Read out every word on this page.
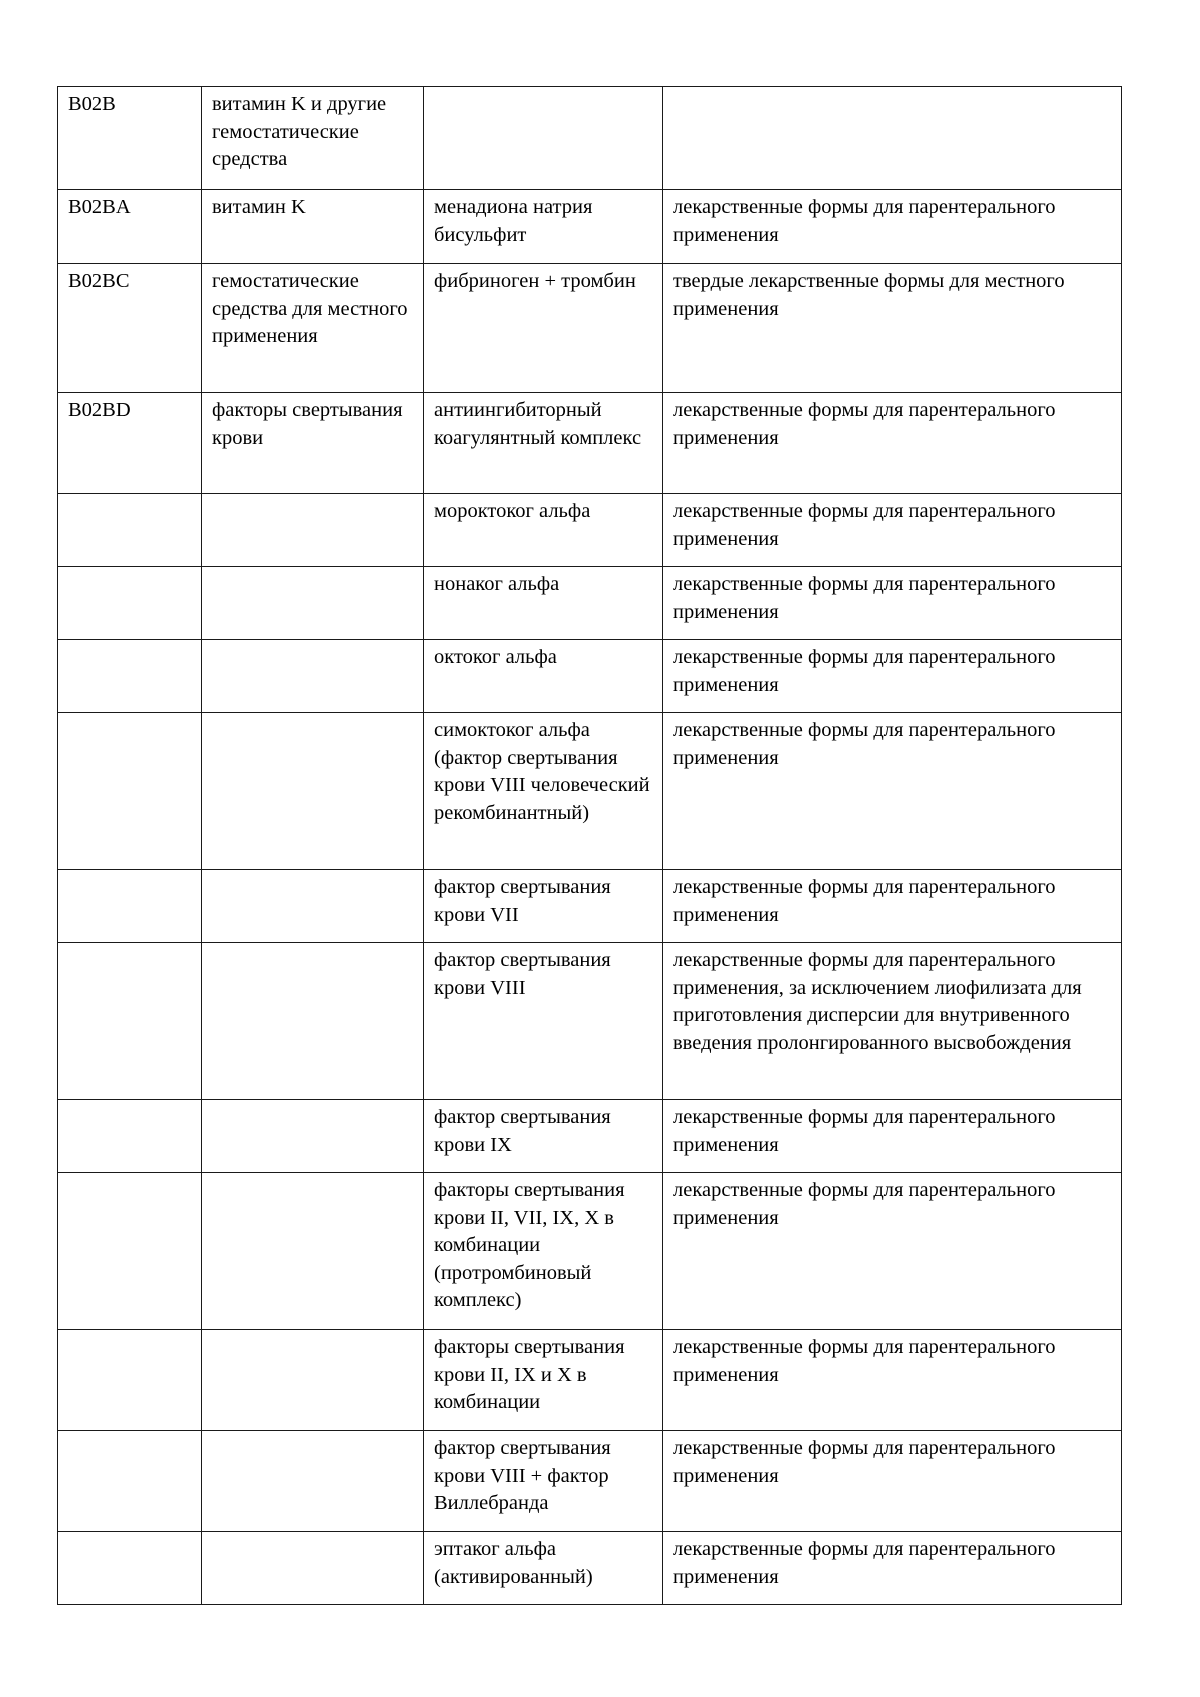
B02B	витамин K и другие гемостатические средства		
B02BA	витамин K	менадиона натрия бисульфит	лекарственные формы для парентерального применения
B02BC	гемостатические средства для местного применения	фибриноген + тромбин	твердые лекарственные формы для местного применения
B02BD	факторы свертывания крови	антиингибиторный коагулянтный комплекс	лекарственные формы для парентерального применения
		мороктоког альфа	лекарственные формы для парентерального применения
		нонаког альфа	лекарственные формы для парентерального применения
		октоког альфа	лекарственные формы для парентерального применения
		симоктоког альфа (фактор свертывания крови VIII человеческий рекомбинантный)	лекарственные формы для парентерального применения
		фактор свертывания крови VII	лекарственные формы для парентерального применения
		фактор свертывания крови VIII	лекарственные формы для парентерального применения, за исключением лиофилизата для приготовления дисперсии для внутривенного введения пролонгированного высвобождения
		фактор свертывания крови IX	лекарственные формы для парентерального применения
		факторы свертывания крови II, VII, IX, X в комбинации (протромбиновый комплекс)	лекарственные формы для парентерального применения
		факторы свертывания крови II, IX и X в комбинации	лекарственные формы для парентерального применения
		фактор свертывания крови VIII + фактор Виллебранда	лекарственные формы для парентерального применения
		эптаког альфа (активированный)	лекарственные формы для парентерального применения
